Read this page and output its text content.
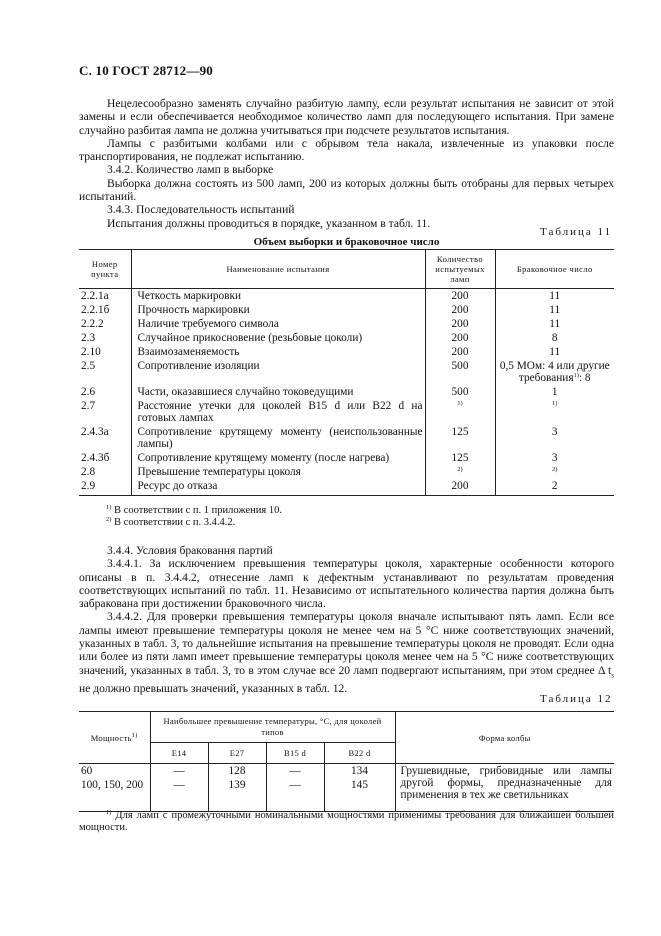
С. 10 ГОСТ 28712—90

Нецелесообразно заменять случайно разбитую лампу, если результат испытания не зависит от этой замены и если обеспечивается необходимое количество ламп для последующего испытания. При замене случайно разбитая лампа не должна учитываться при подсчете результатов испытания.

Лампы с разбитыми колбами или с обрывом тела накала, извлеченные из упаковки после транспортирования, не подлежат испытанию.

3.4.2. Количество ламп в выборке

Выборка должна состоять из 500 ламп, 200 из которых должны быть отобраны для первых четырех испытаний.

3.4.3. Последовательность испытаний

Испытания должны проводиться в порядке, указанном в табл. 11.

Таблица 11
Объем выборки и браковочное число
Номер пункта	Наименование испытания	Количество испытуемых ламп	Браковочное число
2.2.1а	Четкость маркировки	200	11
2.2.1б	Прочность маркировки	200	11
2.2.2	Наличие требуемого символа	200	11
2.3	Случайное прикосновение (резьбовые цоколи)	200	8
2.10	Взаимозаменяемость	200	11
2.5	Сопротивление изоляции	500	0,5 МОм: 4 или другие требования$^{1)}$: 8
2.6	Части, оказавшиеся случайно токоведущими	500	1
2.7	Расстояние утечки для цоколей В15 d или В22 d на готовых лампах	$^{1)}$	$^{1)}$
2.4.3а	Сопротивление крутящему моменту (неиспользованные лампы)	125	3
2.4.3б	Сопротивление крутящему моменту (после нагрева)	125	3
2.8	Превышение температуры цоколя	$^{2)}$	$^{2)}$
2.9	Ресурс до отказа	200	2
$^{1)}$ В соответствии с п. 1 приложения 10.
$^{2)}$ В соответствии с п. 3.4.4.2.

3.4.4. Условия браковання партий

3.4.4.1. За исключением превышения температуры цоколя, характерные особенности которого описаны в п. 3.4.4.2, отнесение ламп к дефектным устанавливают по результатам проведения соответствующих испытаний по табл. 11. Независимо от испытательного количества партия должна быть забракована при достижении браковочного числа.

3.4.4.2. Для проверки превышения температуры цоколя вначале испытывают пять ламп. Если все лампы имеют превышение температуры цоколя не менее чем на 5 °С ниже соответствующих значений, указанных в табл. 3, то дальнейшие испытания на превышение температуры цоколя не проводят. Если одна или более из пяти ламп имеет превышение температуры цоколя менее чем на 5 °С ниже соответствующих значений, указанных в табл. 3, то в этом случае все 20 ламп подвергают испытаниям, при этом среднее Δ $t_s$ не должно превышать значений, указанных в табл. 12.

Таблица 12
Мощность$^{1)}$	Наибольшее превышение температуры, °С, для цоколей типов				Форма колбы
	Е14	Е27	В15 d	В22 d	
60	—	128	—	134	Грушевидные, грибовидные или лампы другой формы, предназначенные для применения в тех же светильниках
100, 150, 200	—	139	—	145	
$^{1)}$ Для ламп с промежуточными номинальными мощностями применимы требования для ближайшей большей мощности.
